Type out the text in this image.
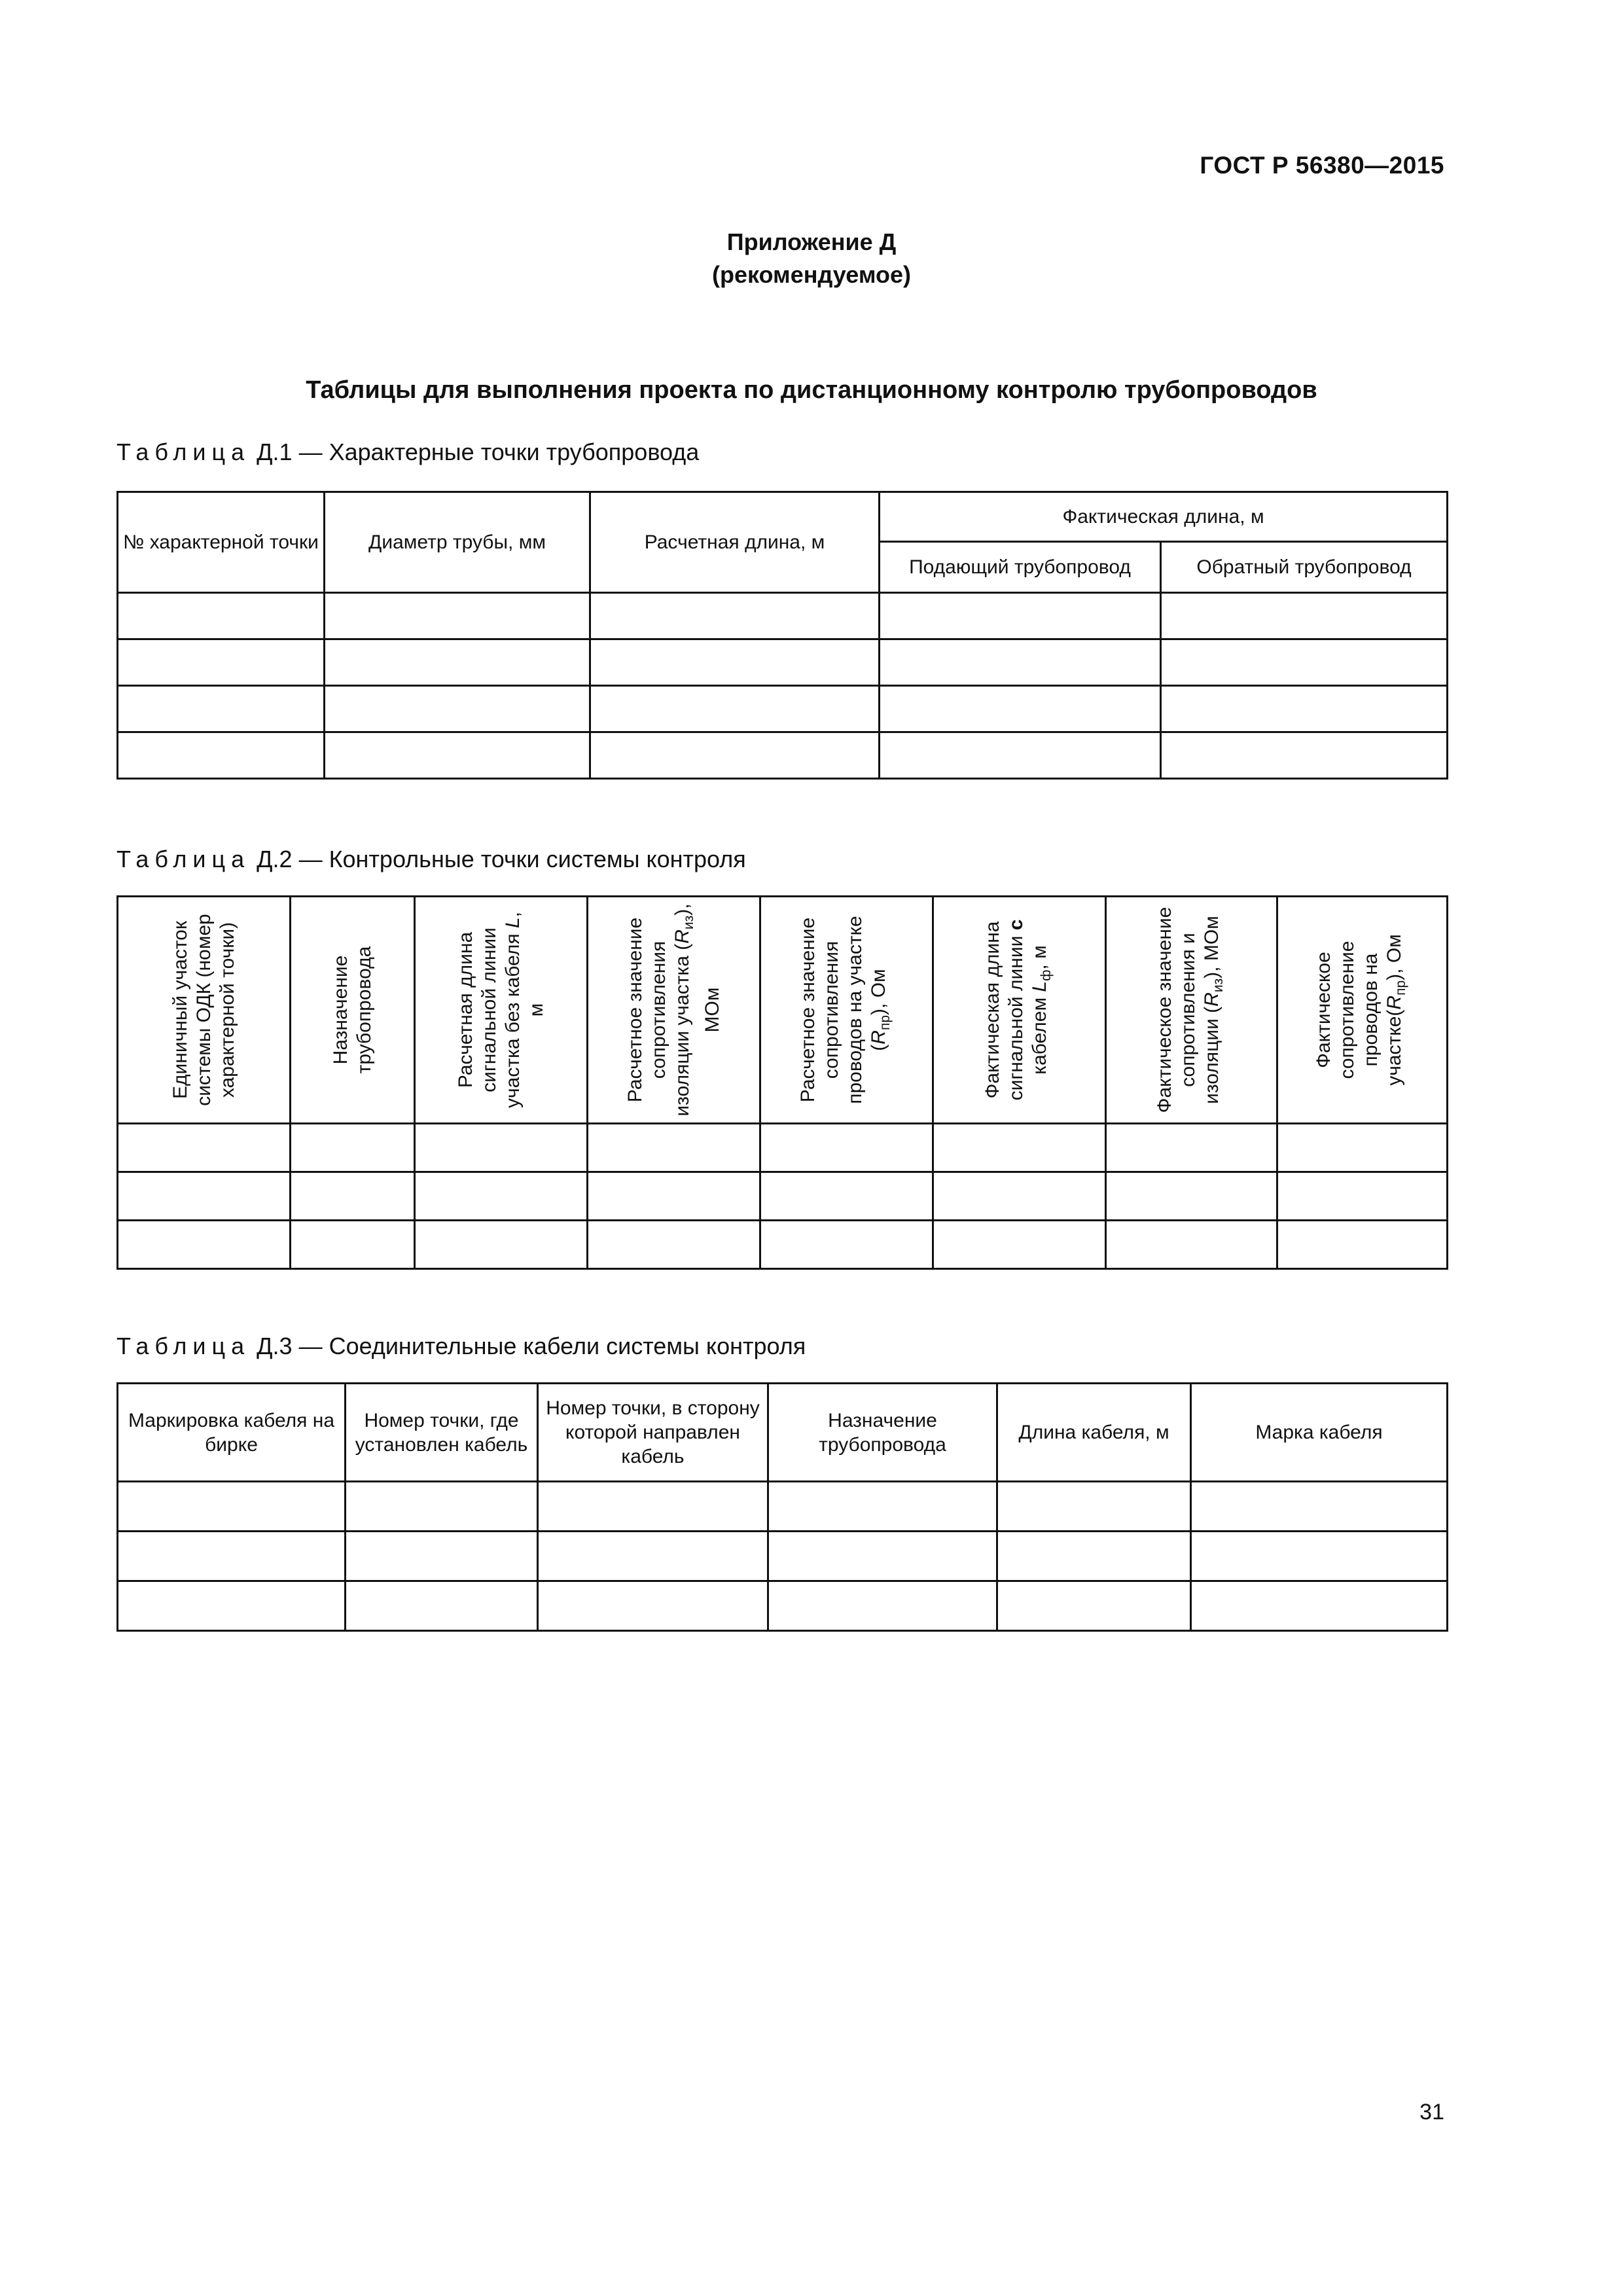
ГОСТ Р 56380—2015
Приложение Д
(рекомендуемое)
Таблицы для выполнения проекта по дистанционному контролю трубопроводов
Таблица Д.1 — Характерные точки трубопровода
№ характерной точки	Диаметр трубы, мм	Расчетная длина, м	Фактическая длина, м	
			Подающий трубопровод	Обратный трубопровод

Таблица Д.2 — Контрольные точки системы контроля
Единичный участок системы ОДК (номер характерной точки)	Назначение трубопровода	Расчетная длина сигнальной линии участка без кабеля L, м	Расчетное значение сопротивления изоляции участка $(R_{из})$, МОм	Расчетное значение сопротивления проводов на участке $(R_{пр})$, Ом	Фактическая длина сигнальной линии с кабелем $L_ф$, м	Фактическое значение сопротивления и изоляции $(R_{из})$, МОм	Фактическое сопротивление проводов на $участке(R_{пр})$, Ом

Таблица Д.3 — Соединительные кабели системы контроля
Маркировка кабеля на бирке	Номер точки, где установлен кабель	Номер точки, в сторону которой направлен кабель	Назначение трубопровода	Длина кабеля, м	Марка кабеля

31
